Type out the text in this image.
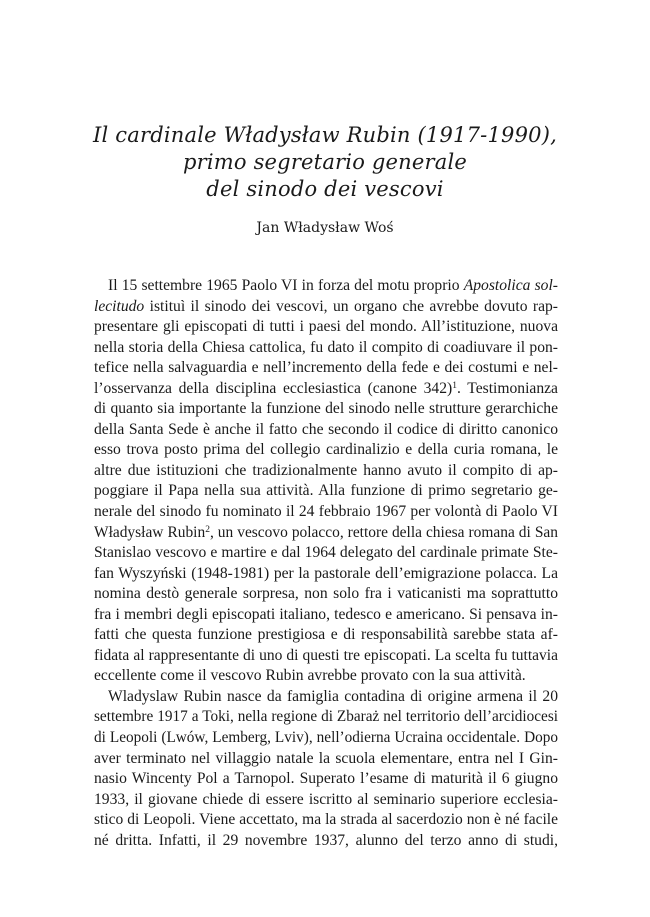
Il cardinale Władysław Rubin (1917-1990),
primo segretario generale
del sinodo dei vescovi
Jan Władysław Woś
Il 15 settembre 1965 Paolo VI in forza del motu proprio Apostolica sol-
lecitudo istituì il sinodo dei vescovi, un organo che avrebbe dovuto rap-
presentare gli episcopati di tutti i paesi del mondo. All’istituzione, nuova
nella storia della Chiesa cattolica, fu dato il compito di coadiuvare il pon-
tefice nella salvaguardia e nell’incremento della fede e dei costumi e nel-
l’osservanza della disciplina ecclesiastica (canone 342)$^1$. Testimonianza
di quanto sia importante la funzione del sinodo nelle strutture gerarchiche
della Santa Sede è anche il fatto che secondo il codice di diritto canonico
esso trova posto prima del collegio cardinalizio e della curia romana, le
altre due istituzioni che tradizionalmente hanno avuto il compito di ap-
poggiare il Papa nella sua attività. Alla funzione di primo segretario ge-
nerale del sinodo fu nominato il 24 febbraio 1967 per volontà di Paolo VI
Władysław Rubin$^2$, un vescovo polacco, rettore della chiesa romana di San
Stanislao vescovo e martire e dal 1964 delegato del cardinale primate Ste-
fan Wyszyński (1948-1981) per la pastorale dell’emigrazione polacca. La
nomina destò generale sorpresa, non solo fra i vaticanisti ma soprattutto
fra i membri degli episcopati italiano, tedesco e americano. Si pensava in-
fatti che questa funzione prestigiosa e di responsabilità sarebbe stata af-
fidata al rappresentante di uno di questi tre episcopati. La scelta fu tuttavia
eccellente come il vescovo Rubin avrebbe provato con la sua attività.
Wladyslaw Rubin nasce da famiglia contadina di origine armena il 20
settembre 1917 a Toki, nella regione di Zbaraż nel territorio dell’arcidiocesi
di Leopoli (Lwów, Lemberg, Lviv), nell’odierna Ucraina occidentale. Dopo
aver terminato nel villaggio natale la scuola elementare, entra nel I Gin-
nasio Wincenty Pol a Tarnopol. Superato l’esame di maturità il 6 giugno
1933, il giovane chiede di essere iscritto al seminario superiore ecclesia-
stico di Leopoli. Viene accettato, ma la strada al sacerdozio non è né facile
né dritta. Infatti, il 29 novembre 1937, alunno del terzo anno di studi,
